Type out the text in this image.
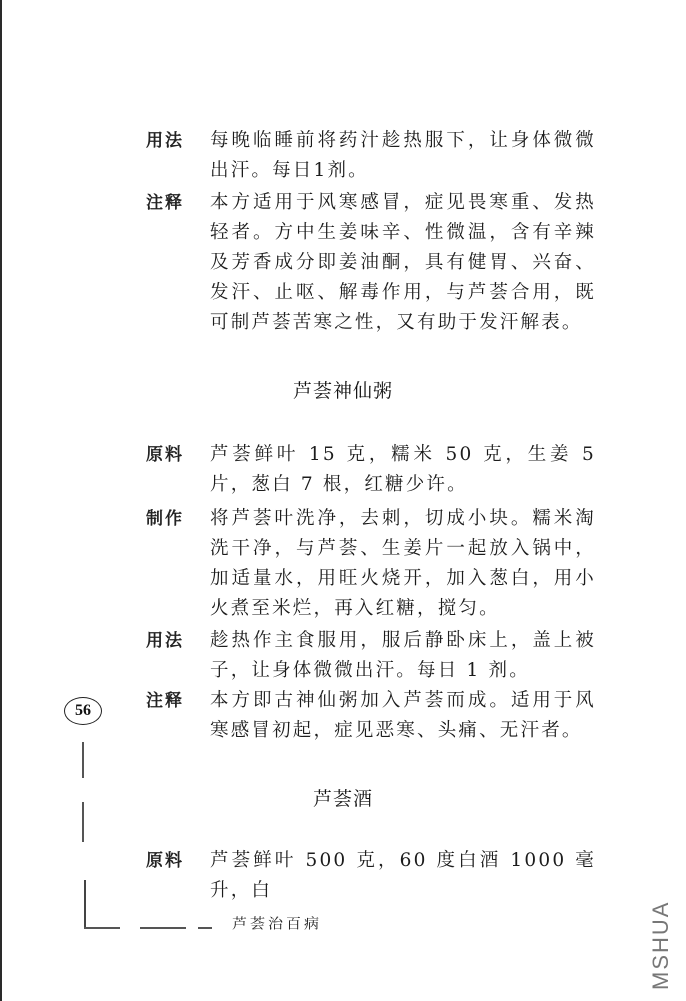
用法	每晚临睡前将药汁趁热服下，让身体微微出汗。每日1剂。
注释	本方适用于风寒感冒，症见畏寒重、发热轻者。方中生姜味辛、性微温，含有辛辣及芳香成分即姜油酮，具有健胃、兴奋、发汗、止呕、解毒作用，与芦荟合用，既可制芦荟苦寒之性，又有助于发汗解表。
芦荟神仙粥
原料	芦荟鲜叶 15 克，糯米 50 克，生姜 5 片，葱白 7 根，红糖少许。
制作	将芦荟叶洗净，去刺，切成小块。糯米淘洗干净，与芦荟、生姜片一起放入锅中，加适量水，用旺火烧开，加入葱白，用小火煮至米烂，再入红糖，搅匀。
用法	趁热作主食服用，服后静卧床上，盖上被子，让身体微微出汗。每日 1 剂。
注释	本方即古神仙粥加入芦荟而成。适用于风寒感冒初起，症见恶寒、头痛、无汗者。
芦荟酒
原料	芦荟鲜叶 500 克，60 度白酒 1000 毫升，白
56
芦荟治百病	MSHUA
